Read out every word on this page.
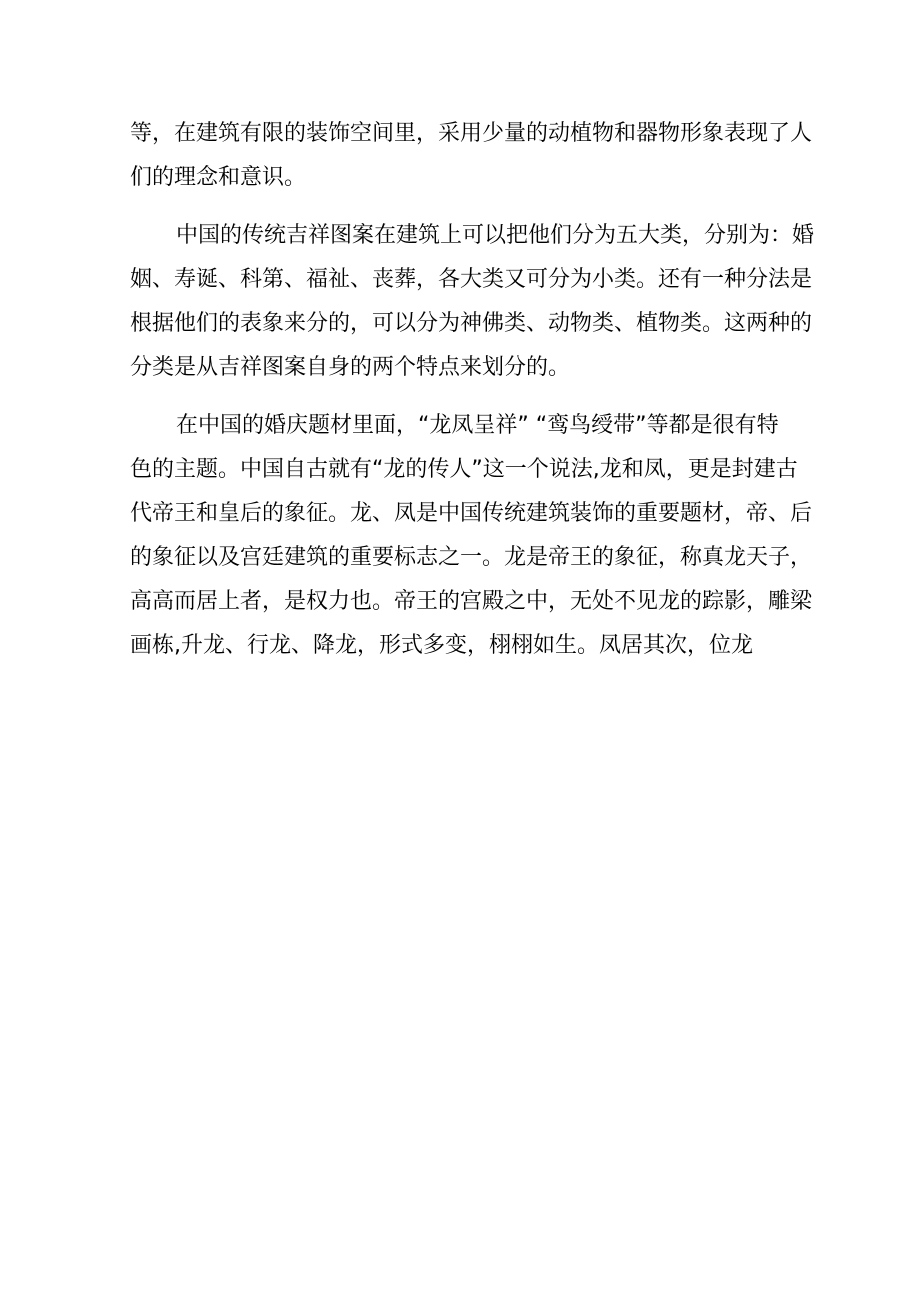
等，在建筑有限的装饰空间里，采用少量的动植物和器物形象表现了人
们的理念和意识。
中国的传统吉祥图案在建筑上可以把他们分为五大类，分别为：婚
姻、寿诞、科第、福祉、丧葬，各大类又可分为小类。还有一种分法是
根据他们的表象来分的，可以分为神佛类、动物类、植物类。这两种的
分类是从吉祥图案自身的两个特点来划分的。
在中国的婚庆题材里面，“龙凤呈祥” “鸾鸟绶带”等都是很有特
色的主题。中国自古就有“龙的传人”这一个说法,龙和凤，更是封建古
代帝王和皇后的象征。龙、凤是中国传统建筑装饰的重要题材，帝、后
的象征以及宫廷建筑的重要标志之一。龙是帝王的象征，称真龙天子，
高高而居上者，是权力也。帝王的宫殿之中，无处不见龙的踪影，雕梁
画栋,升龙、行龙、降龙，形式多变，栩栩如生。凤居其次，位龙
